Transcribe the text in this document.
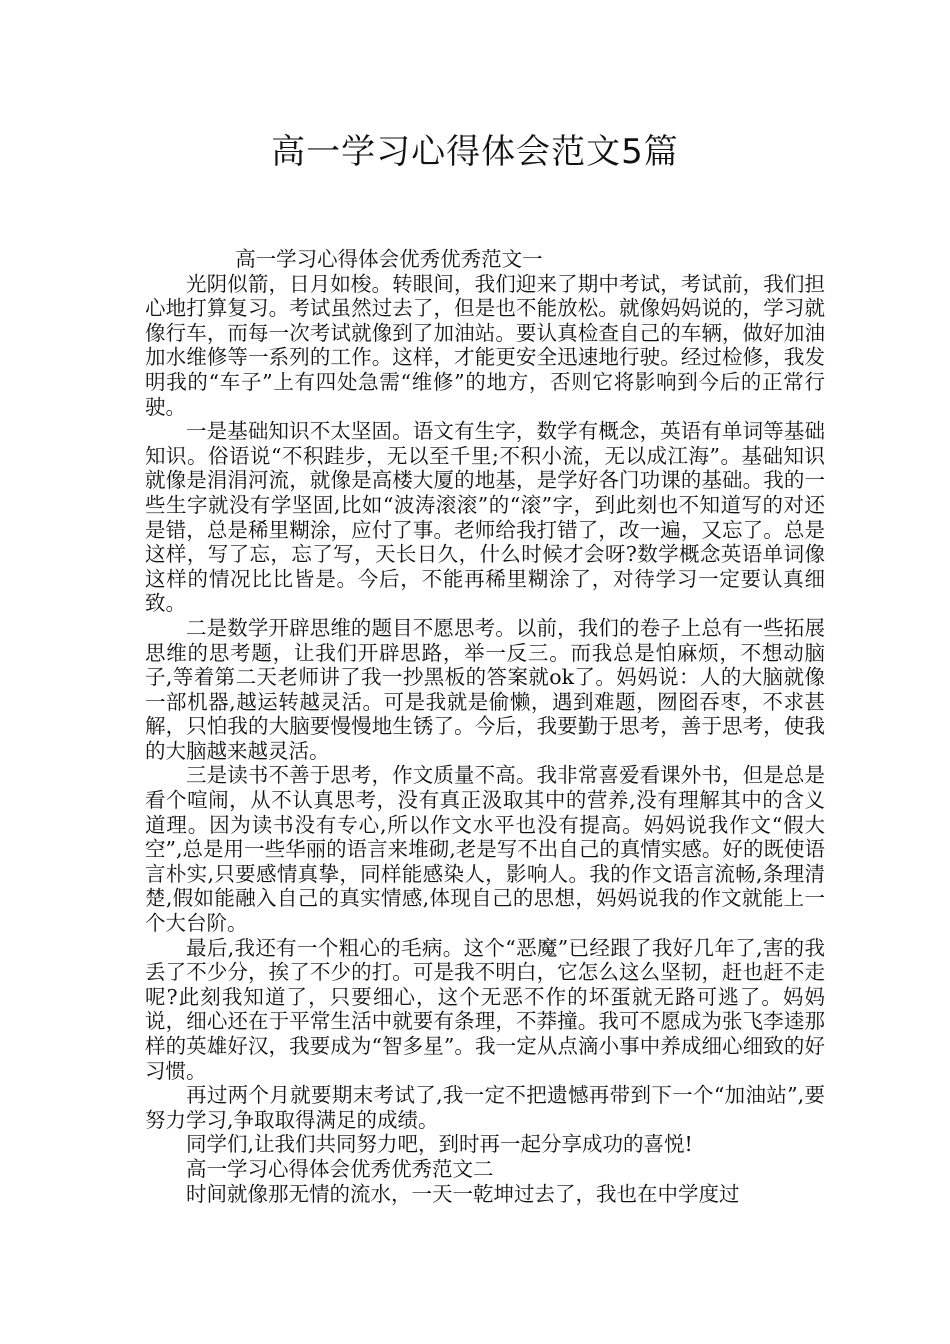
高一学习心得体会范文5篇

高一学习心得体会优秀优秀范文一

光阴似箭，日月如梭。转眼间，我们迎来了期中考试，考试前，我们担心地打算复习。考试虽然过去了，但是也不能放松。就像妈妈说的，学习就像行车，而每一次考试就像到了加油站。要认真检查自己的车辆，做好加油加水维修等一系列的工作。这样，才能更安全迅速地行驶。经过检修，我发明我的“车子”上有四处急需“维修”的地方，否则它将影响到今后的正常行驶。

一是基础知识不太坚固。语文有生字，数学有概念，英语有单词等基础知识。俗语说“不积跬步，无以至千里;不积小流，无以成江海”。基础知识就像是涓涓河流，就像是高楼大厦的地基，是学好各门功课的基础。我的一些生字就没有学坚固,比如“波涛滚滚”的“滚”字，到此刻也不知道写的对还是错，总是稀里糊涂，应付了事。老师给我打错了，改一遍，又忘了。总是这样，写了忘，忘了写，天长日久，什么时候才会呀?数学概念英语单词像这样的情况比比皆是。今后，不能再稀里糊涂了，对待学习一定要认真细致。

二是数学开辟思维的题目不愿思考。以前，我们的卷子上总有一些拓展思维的思考题，让我们开辟思路，举一反三。而我总是怕麻烦，不想动脑子,等着第二天老师讲了我一抄黑板的答案就ok了。妈妈说：人的大脑就像一部机器,越运转越灵活。可是我就是偷懒，遇到难题，囫囵吞枣，不求甚解，只怕我的大脑要慢慢地生锈了。今后，我要勤于思考，善于思考，使我的大脑越来越灵活。

三是读书不善于思考，作文质量不高。我非常喜爱看课外书，但是总是看个喧闹，从不认真思考，没有真正汲取其中的营养,没有理解其中的含义道理。因为读书没有专心,所以作文水平也没有提高。妈妈说我作文“假大空”,总是用一些华丽的语言来堆砌,老是写不出自己的真情实感。好的既使语言朴实,只要感情真挚，同样能感染人，影响人。我的作文语言流畅,条理清楚,假如能融入自己的真实情感,体现自己的思想，妈妈说我的作文就能上一个大台阶。

最后,我还有一个粗心的毛病。这个“恶魔”已经跟了我好几年了,害的我丢了不少分，挨了不少的打。可是我不明白，它怎么这么坚韧，赶也赶不走呢?此刻我知道了，只要细心，这个无恶不作的坏蛋就无路可逃了。妈妈说，细心还在于平常生活中就要有条理，不莽撞。我可不愿成为张飞李逵那样的英雄好汉，我要成为“智多星”。我一定从点滴小事中养成细心细致的好习惯。

再过两个月就要期末考试了,我一定不把遗憾再带到下一个“加油站”,要努力学习,争取取得满足的成绩。

同学们,让我们共同努力吧，到时再一起分享成功的喜悦!

高一学习心得体会优秀优秀范文二

时间就像那无情的流水，一天一乾坤过去了，我也在中学度过
